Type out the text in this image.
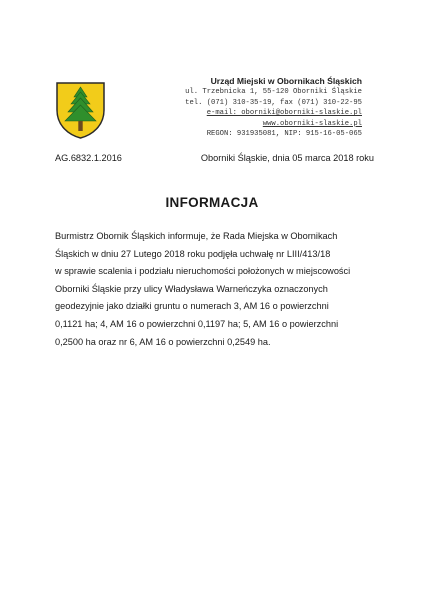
Urząd Miejski w Obornikach Śląskich
ul. Trzebnicka 1, 55-120 Oborniki Śląskie
tel. (071) 310-35-19, fax (071) 310-22-95
e-mail: oborniki@oborniki-slaskie.pl
www.oborniki-slaskie.pl
REGON: 931935081, NIP: 915-16-05-065
AG.6832.1.2016	Oborniki Śląskie, dnia 05 marca 2018 roku
INFORMACJA
Burmistrz Obornik Śląskich informuje, że Rada Miejska w Obornikach
Śląskich w dniu 27 Lutego 2018 roku podjęła uchwałę nr LIII/413/18
w sprawie scalenia i podziału nieruchomości położonych w miejscowości
Oborniki Śląskie przy ulicy Władysława Warneńczyka oznaczonych
geodezyjnie jako działki gruntu o numerach 3, AM 16 o powierzchni
0,1121 ha; 4, AM 16 o powierzchni 0,1197 ha; 5, AM 16 o powierzchni
0,2500 ha oraz nr 6, AM 16 o powierzchni 0,2549 ha.
